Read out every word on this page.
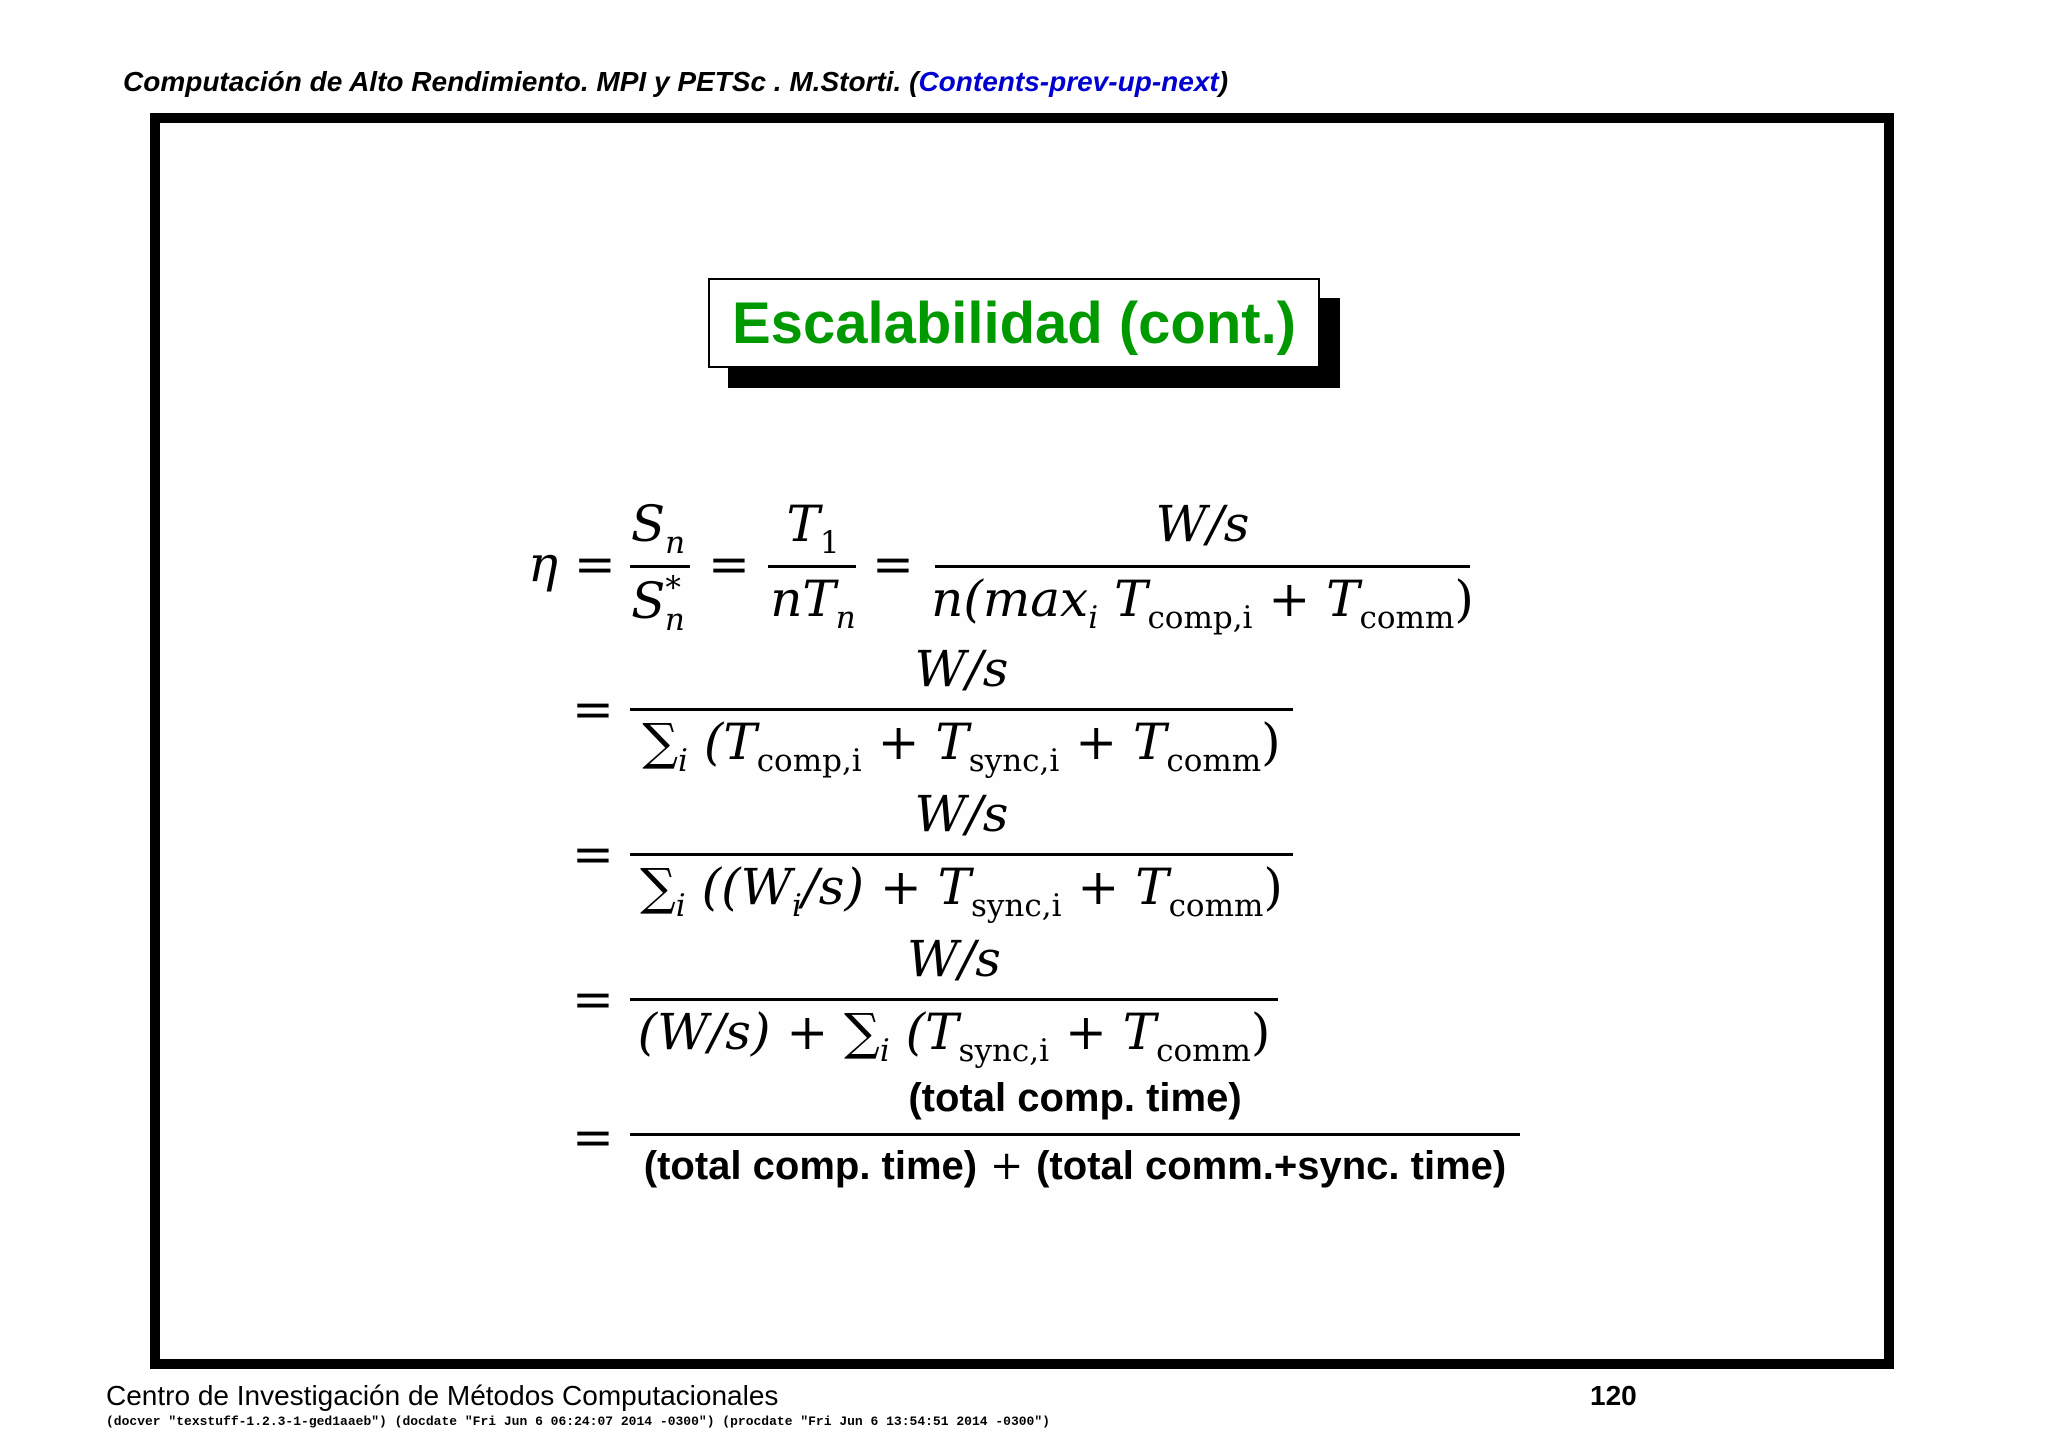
Computación de Alto Rendimiento. MPI y PETSc . M.Storti. (Contents-prev-up-next)
Escalabilidad (cont.)
η =
$S_n$
$S^*_n$
=
$T_1$
$nT_n$
=
W/s
$n(\max_i$ $T_{comp,i} + T_{comm}$)
=
W/s
$\sum_i$ $(T_{comp,i} + T_{sync,i} + T_{comm})$
=
W/s
$\sum_i$ $((W_i/s) + T_{sync,i} + T_{comm})$
=
W/s
$(W/s) + \sum_i$ $(T_{sync,i} + T_{comm})$
=
(total comp. time)
(total comp. time) + (total comm.+sync. time)
Centro de Investigación de Métodos Computacionales	120
(docver "texstuff-1.2.3-1-ged1aaeb") (docdate "Fri Jun 6 06:24:07 2014 -0300") (procdate "Fri Jun 6 13:54:51 2014 -0300")
